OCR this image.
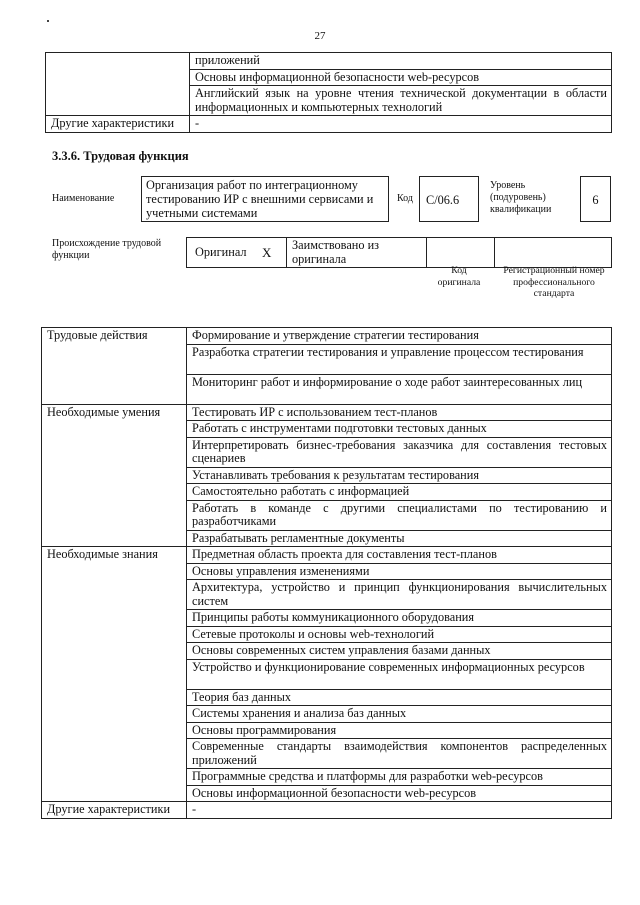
27
	приложений
	Основы информационной безопасности web-ресурсов
	Английский язык на уровне чтения технической документации в области информационных и компьютерных технологий
Другие характеристики	-
3.3.6. Трудовая функция
Наименование
Организация работ по интеграционному тестированию ИР с внешними сервисами и учетными системами
Код	С/06.6
Уровень (подуровень) квалификации
6
Происхождение трудовой функции	Оригинал	X	Заимствовано из оригинала		
Код оригинала
Регистрационный номер профессионального стандарта
Трудовые действия	Формирование и утверждение стратегии тестирования
	Разработка стратегии тестирования и управление процессом тестирования
	Мониторинг работ и информирование о ходе работ заинтересованных лиц
Необходимые умения	Тестировать ИР с использованием тест-планов
	Работать с инструментами подготовки тестовых данных
	Интерпретировать бизнес-требования заказчика для составления тестовых сценариев
	Устанавливать требования к результатам тестирования
	Самостоятельно работать с информацией
	Работать в команде с другими специалистами по тестированию и разработчиками
	Разрабатывать регламентные документы
Необходимые знания	Предметная область проекта для составления тест-планов
	Основы управления изменениями
	Архитектура, устройство и принцип функционирования вычислительных систем
	Принципы работы коммуникационного оборудования
	Сетевые протоколы и основы web-технологий
	Основы современных систем управления базами данных
	Устройство и функционирование современных информационных ресурсов
	Теория баз данных
	Системы хранения и анализа баз данных
	Основы программирования
	Современные стандарты взаимодействия компонентов распределенных приложений
	Программные средства и платформы для разработки web-ресурсов
	Основы информационной безопасности web-ресурсов
Другие характеристики	-
